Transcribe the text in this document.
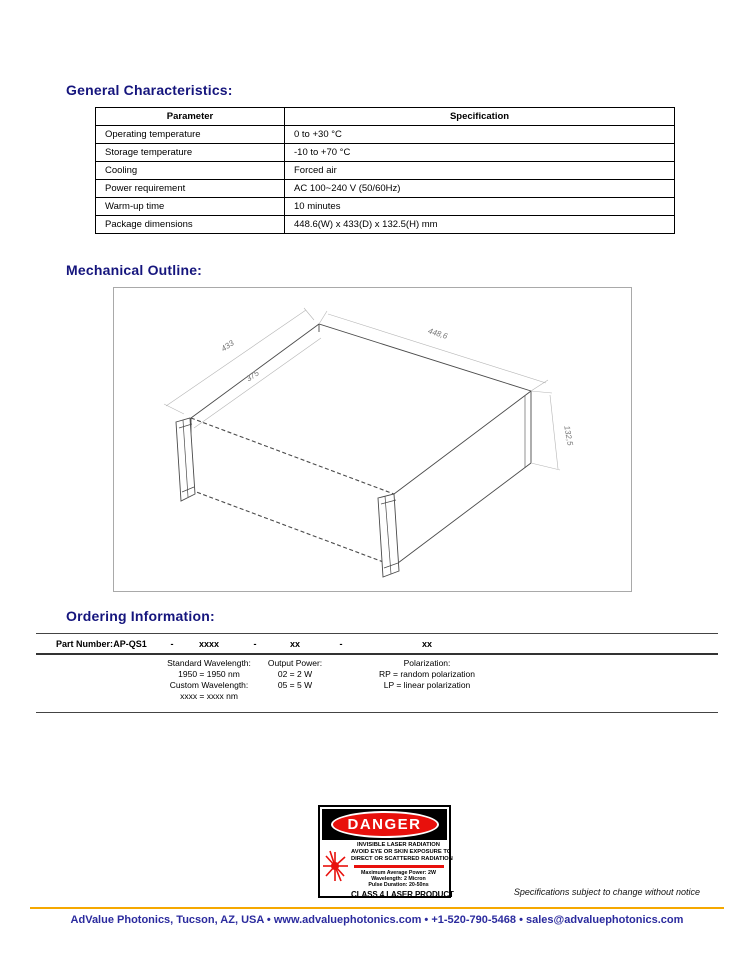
General Characteristics:
Parameter	Specification
Operating temperature	0 to +30 °C
Storage temperature	-10 to +70 °C
Cooling	Forced air
Power requirement	AC 100~240 V (50/60Hz)
Warm-up time	10 minutes
Package dimensions	448.6(W) x 433(D) x 132.5(H) mm
Mechanical Outline:
433
375
448,6
132,5
Ordering Information:
Part Number: AP-QS1	-	xxxx	-	xx	-	xx
Standard Wavelength:
1950 = 1950 nm
Custom Wavelength:
xxxx = xxxx nm
Output Power:
02 = 2 W
05 = 5 W
Polarization:
RP = random polarization
LP = linear polarization
DANGER
INVISIBLE LASER RADIATION
AVOID EYE OR SKIN EXPOSURE TO
DIRECT OR SCATTERED RADIATION
Maximum Average Power: 2W
Wavelength: 2 Micron
Pulse Duration: 20-50ns
CLASS 4 LASER PRODUCT	Specifications subject to change without notice
AdValue Photonics, Tucson, AZ, USA • www.advaluephotonics.com • +1-520-790-5468 • sales@advaluephotonics.com
